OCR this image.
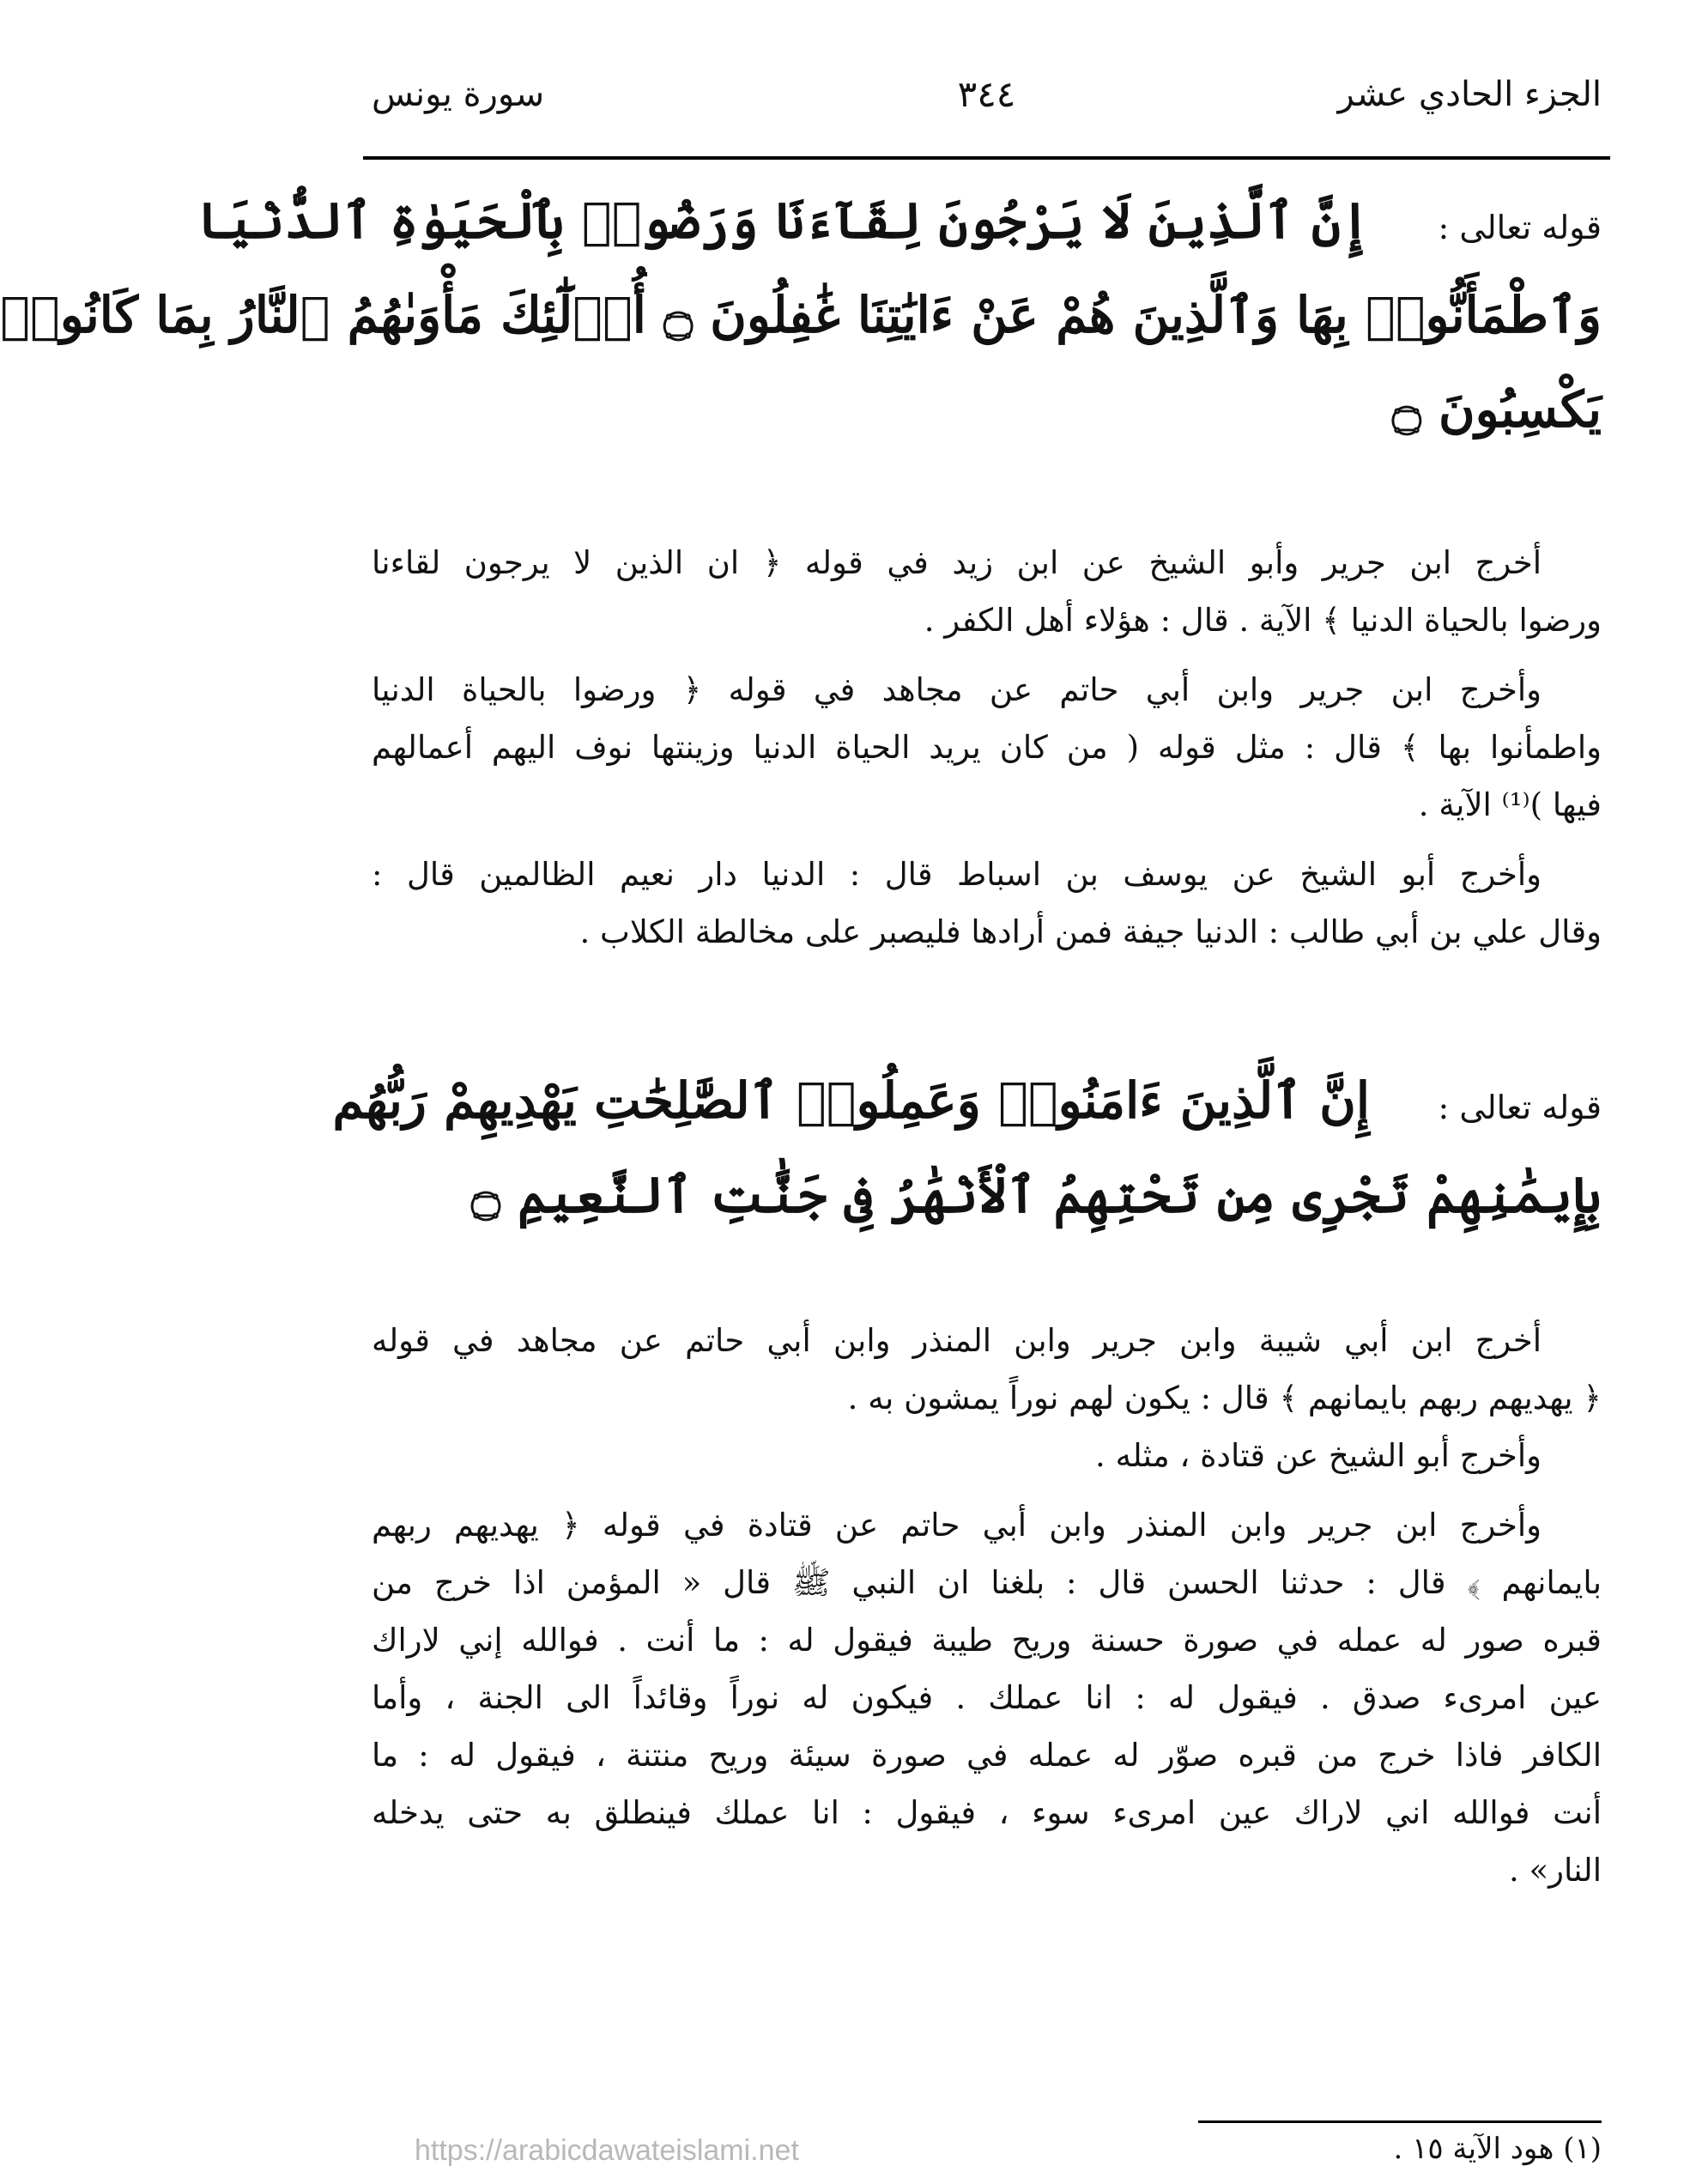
الجزء الحادي عشر
٣٤٤
سورة يونس
قوله تعالى :
إِنَّ ٱلَّذِينَ لَا يَرْجُونَ لِقَآءَنَا وَرَضُوا۟ بِٱلْحَيَوٰةِ ٱلدُّنْيَا
وَٱطْمَأَنُّوا۟ بِهَا وَٱلَّذِينَ هُمْ عَنْ ءَايَٰتِنَا غَٰفِلُونَ ۝ أُو۟لَٰٓئِكَ مَأْوَىٰهُمُ ٱلنَّارُ بِمَا كَانُوا۟
يَكْسِبُونَ ۝
أخرج ابن جرير وأبو الشيخ عن ابن زيد في قوله ﴿ ان الذين لا يرجون لقاءنا
ورضوا بالحياة الدنيا ﴾ الآية . قال : هؤلاء أهل الكفر .
وأخرج ابن جرير وابن أبي حاتم عن مجاهد في قوله ﴿ ورضوا بالحياة الدنيا
واطمأنوا بها ﴾ قال : مثل قوله ( من كان يريد الحياة الدنيا وزينتها نوف اليهم أعمالهم
فيها )⁽¹⁾ الآية .
وأخرج أبو الشيخ عن يوسف بن اسباط قال : الدنيا دار نعيم الظالمين قال :
وقال علي بن أبي طالب : الدنيا جيفة فمن أرادها فليصبر على مخالطة الكلاب .
قوله تعالى :
إِنَّ ٱلَّذِينَ ءَامَنُوا۟ وَعَمِلُوا۟ ٱلصَّٰلِحَٰتِ يَهْدِيهِمْ رَبُّهُم
بِإِيمَٰنِهِمْ تَجْرِى مِن تَحْتِهِمُ ٱلْأَنْهَٰرُ فِى جَنَّٰتِ ٱلنَّعِيمِ ۝
أخرج ابن أبي شيبة وابن جرير وابن المنذر وابن أبي حاتم عن مجاهد في قوله
﴿ يهديهم ربهم بايمانهم ﴾ قال : يكون لهم نوراً يمشون به .
وأخرج أبو الشيخ عن قتادة ، مثله .
وأخرج ابن جرير وابن المنذر وابن أبي حاتم عن قتادة في قوله ﴿ يهديهم ربهم
بايمانهم ﴾ قال : حدثنا الحسن قال : بلغنا ان النبي ﷺ قال « المؤمن اذا خرج من
قبره صور له عمله في صورة حسنة وريح طيبة فيقول له : ما أنت . فوالله إني لاراك
عين امرىء صدق . فيقول له : انا عملك . فيكون له نوراً وقائداً الى الجنة ، وأما
الكافر فاذا خرج من قبره صوّر له عمله في صورة سيئة وريح منتنة ، فيقول له : ما
أنت فوالله اني لاراك عين امرىء سوء ، فيقول : انا عملك فينطلق به حتى يدخله
النار» .
(١) هود الآية ١٥ .
https://arabicdawateislami.net
